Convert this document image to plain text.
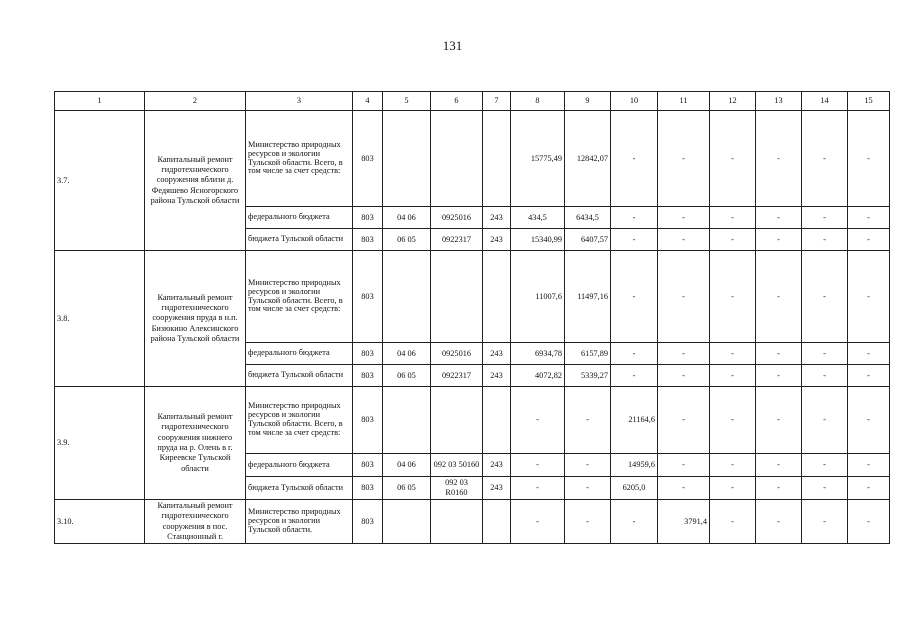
131
1	2	3	4	5	6	7	8	9	10	11	12	13	14	15
3.7.	Капитальный ремонт гидротехнического сооружения вблизи д. Федяшево Ясногорского района Тульской области	Министерство природных ресурсов и экологии Тульской области. Всего, в том числе за счет средств:	803				15775,49	12842,07	-	-	-	-	-	-
		федерального бюджета	803	04 06	0925016	243	434,5	6434,5	-	-	-	-	-	-
		бюджета Тульской области	803	06 05	0922317	243	15340,99	6407,57	-	-	-	-	-	-
3.8.	Капитальный ремонт гидротехнического сооружения пруда в н.п. Бизюкино Алексинского района Тульской области	Министерство природных ресурсов и экологии Тульской области. Всего, в том числе за счет средств:	803				11007,6	11497,16	-	-	-	-	-	-
		федерального бюджета	803	04 06	0925016	243	6934,78	6157,89	-	-	-	-	-	-
		бюджета Тульской области	803	06 05	0922317	243	4072,82	5339,27	-	-	-	-	-	-
3.9.	Капитальный ремонт гидротехнического сооружения нижнего пруда на р. Олень в г. Киреевске Тульской области	Министерство природных ресурсов и экологии Тульской области. Всего, в том числе за счет средств:	803				-	-	21164,6	-	-	-	-	-
		федерального бюджета	803	04 06	092 03 50160	243	-	-	14959,6	-	-	-	-	-
		бюджета Тульской области	803	06 05	092 03 R0160	243	-	-	6205,0	-	-	-	-	-
3.10.	Капитальный ремонт гидротехнического сооружения в пос. Станционный г.	Министерство природных ресурсов и экологии Тульской области.	803				-	-	-	3791,4	-	-	-	-
